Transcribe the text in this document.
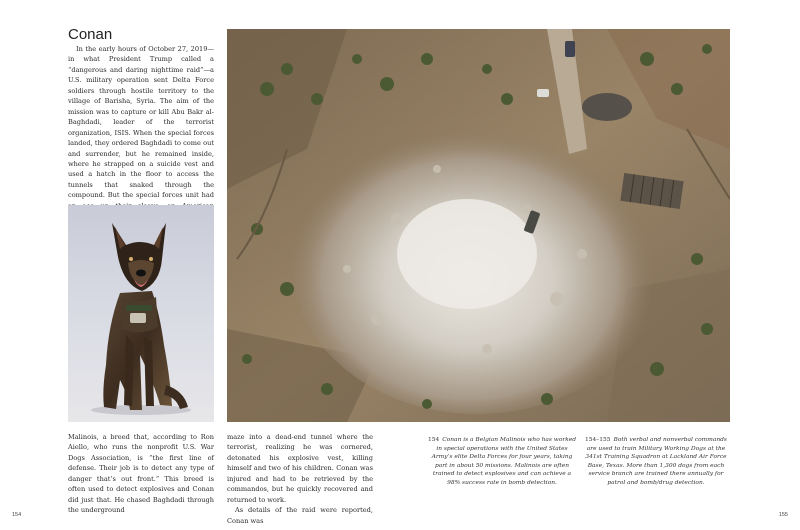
Conan

In the early hours of October 27, 2019—in what President Trump called a “dangerous and daring nighttime raid”—a U.S. military operation sent Delta Force soldiers through hostile territory to the village of Barisha, Syria. The aim of the mission was to capture or kill Abu Bakr al-Baghdadi, leader of the terrorist organization, ISIS. When the special forces landed, they ordered Baghdadi to come out and surrender, but he remained inside, where he strapped on a suicide vest and used a hatch in the floor to access the tunnels that snaked through the compound. But the special forces unit had

Malinois, a breed that, according to Ron Aiello, who runs the nonprofit U.S. War Dogs Association, is “the first line of defense. Their job is to detect any type of danger that’s out front.” This breed is often used to detect explosives and Conan did just that. He chased Baghdadi through the underground

maze into a dead-end tunnel where the terrorist, realizing he was cornered, detonated his explosive vest, killing himself and two of his children. Conan was injured and had to be retrieved by the commandos, but he quickly recovered and returned to work.

As details of the raid were reported, Conan was

154 Conan is a Belgian Malinois who has worked in special operations with the United States Army’s elite Delta Forces for four years, taking part in about 50 missions. Malinois are often trained to detect explosives and can achieve a 98% success rate in bomb detection.
154–155 Both verbal and nonverbal commands are used to train Military Working Dogs at the 341st Training Squadron at Lackland Air Force Base, Texas. More than 1,300 dogs from each service branch are trained there annually for patrol and bomb/drug detection.
154	155
